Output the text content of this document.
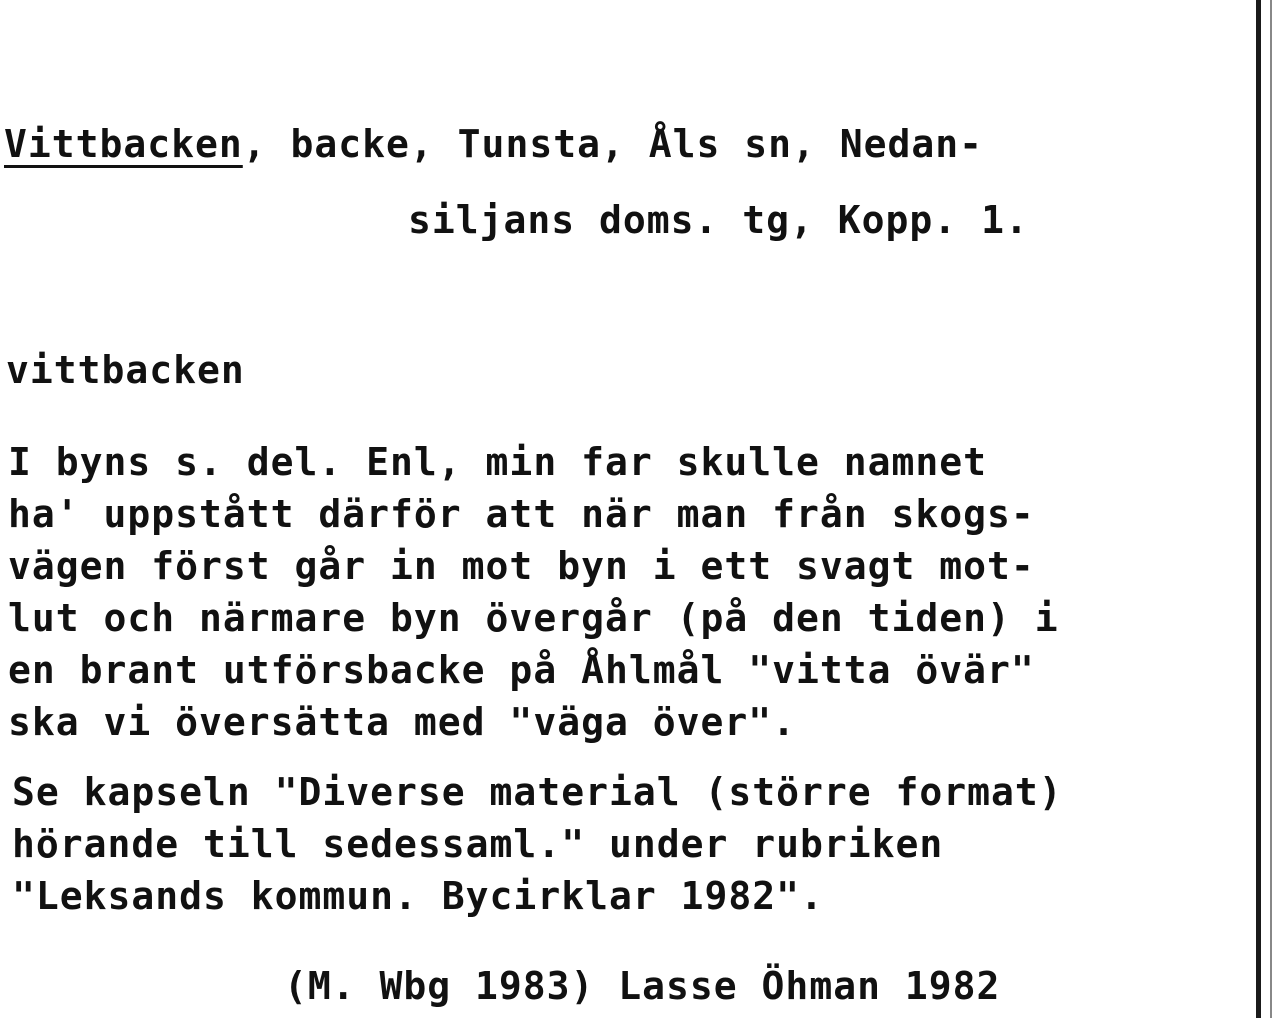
Vittbacken, backe, Tunsta, Åls sn, Nedan-
siljans doms. tg, Kopp. 1.
vittbacken
I byns s. del. Enl, min far skulle namnet
ha' uppstått därför att när man från skogs-
vägen först går in mot byn i ett svagt mot-
lut och närmare byn övergår (på den tiden) i
en brant utförsbacke på Åhlmål "vitta övär"
ska vi översätta med "väga över".
Se kapseln "Diverse material (större format)
hörande till sedessaml." under rubriken
"Leksands kommun. Bycirklar 1982".
(M. Wbg 1983) Lasse Öhman 1982
